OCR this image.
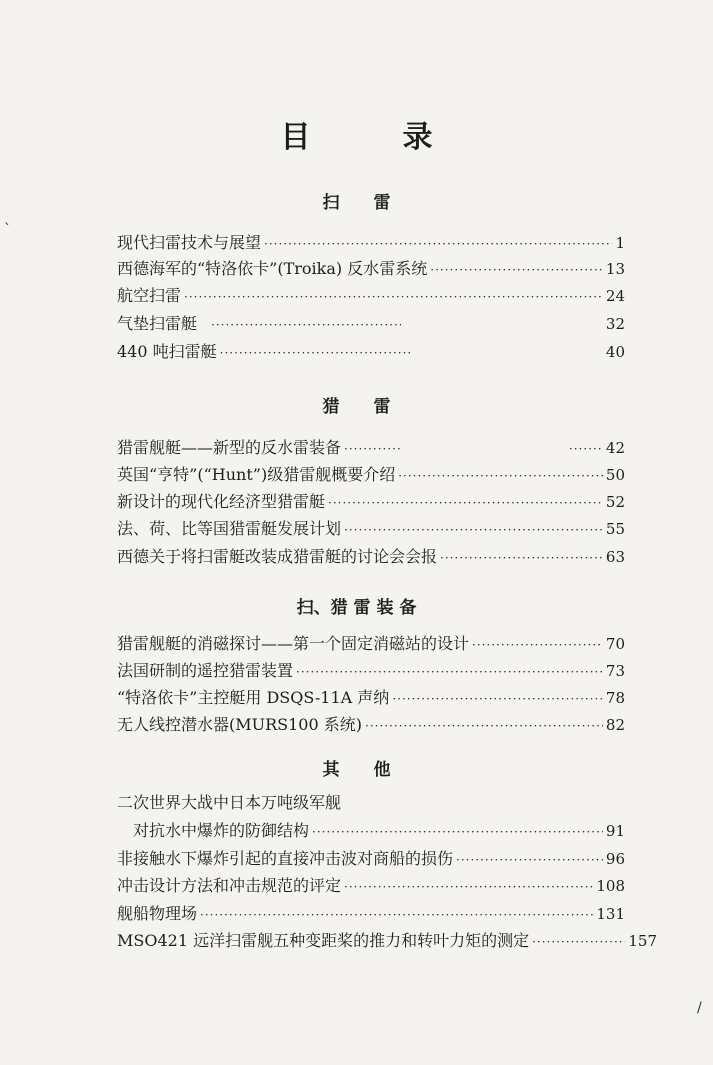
目	录
扫　　雷
现代扫雷技术与展望 ·····	1
西德海军的“特洛依卡”(Troika) 反水雷系统 ·····	13
航空扫雷 ·····	24
气垫扫雷艇 ·····	32
440 吨扫雷艇 ·····	40
猎　　雷
猎雷舰艇——新型的反水雷装备 ····· ·····	42
英国“亨特”(“Hunt”)级猎雷舰概要介绍 ·····	50
新设计的现代化经济型猎雷艇 ·····	52
法、荷、比等国猎雷艇发展计划 ·····	55
西德关于将扫雷艇改装成猎雷艇的讨论会会报 ·····	63
扫、猎 雷 装 备
猎雷舰艇的消磁探讨——第一个固定消磁站的设计 ·····	70
法国研制的遥控猎雷装置 ·····	73
“特洛依卡”主控艇用 DSQS-11A 声纳 ·····	78
无人线控潜水器(MURS100 系统) ·····	82
其　　他
二次世界大战中日本万吨级军舰
对抗水中爆炸的防御结构 ·····	91
非接触水下爆炸引起的直接冲击波对商船的损伤 ·····	96
冲击设计方法和冲击规范的评定 ·····	108
舰船物理场 ·····	131
MSO421 远洋扫雷舰五种变距桨的推力和转叶力矩的测定 ·····	157
ˋ
/
